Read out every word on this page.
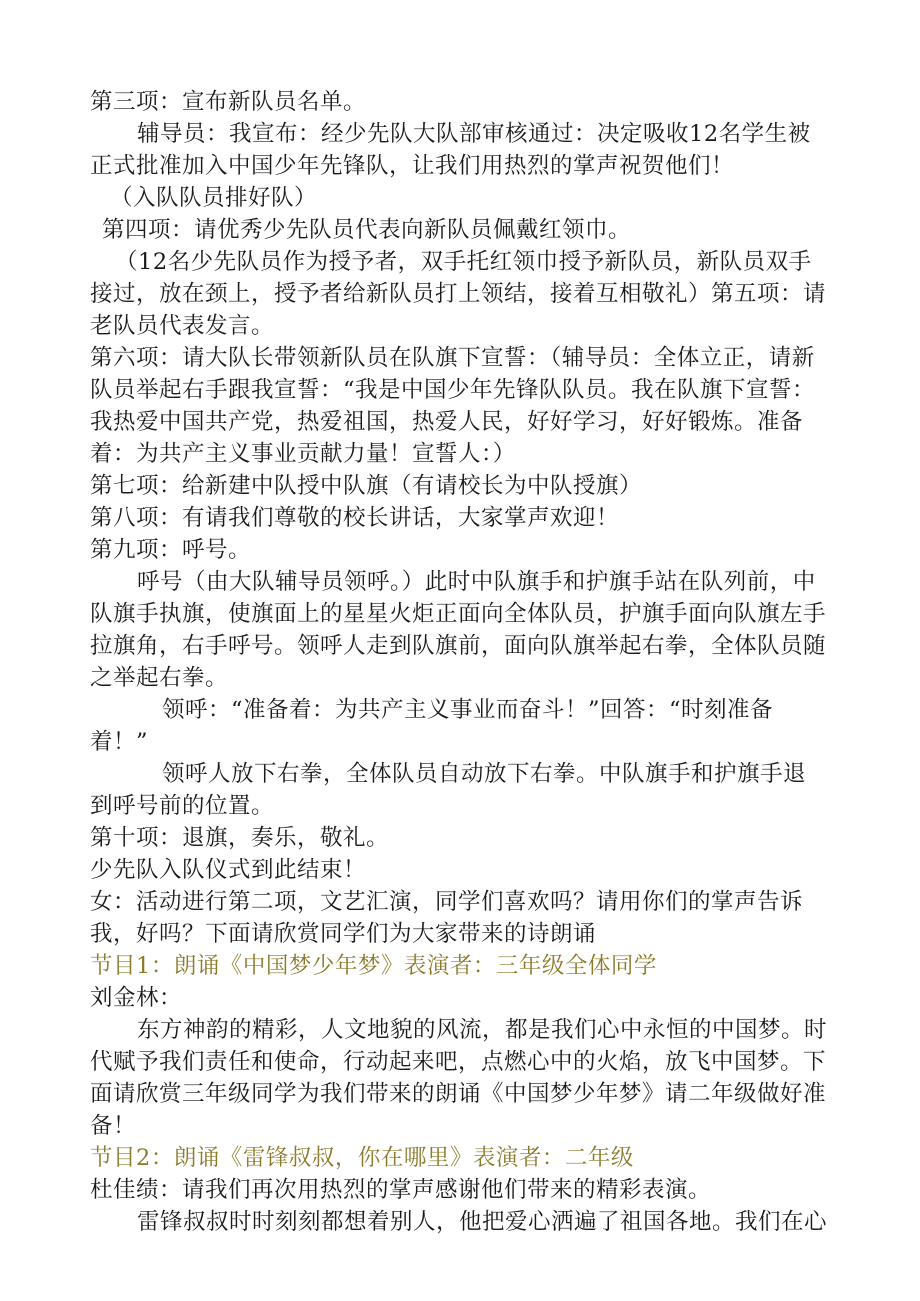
第三项：宣布新队员名单。
辅导员：我宣布：经少先队大队部审核通过：决定吸收12名学生被
正式批准加入中国少年先锋队，让我们用热烈的掌声祝贺他们！
（入队队员排好队）
第四项：请优秀少先队员代表向新队员佩戴红领巾。
（12名少先队员作为授予者，双手托红领巾授予新队员，新队员双手
接过，放在颈上，授予者给新队员打上领结，接着互相敬礼）第五项：请
老队员代表发言。
第六项：请大队长带领新队员在队旗下宣誓：（辅导员：全体立正，请新
队员举起右手跟我宣誓：“我是中国少年先锋队队员。我在队旗下宣誓：
我热爱中国共产党，热爱祖国，热爱人民，好好学习，好好锻炼。准备
着：为共产主义事业贡献力量！宣誓人：）
第七项：给新建中队授中队旗（有请校长为中队授旗）
第八项：有请我们尊敬的校长讲话，大家掌声欢迎！
第九项：呼号。
呼号（由大队辅导员领呼。）此时中队旗手和护旗手站在队列前，中
队旗手执旗，使旗面上的星星火炬正面向全体队员，护旗手面向队旗左手
拉旗角，右手呼号。领呼人走到队旗前，面向队旗举起右拳，全体队员随
之举起右拳。
领呼：“准备着：为共产主义事业而奋斗！”回答：“时刻准备
着！”
领呼人放下右拳，全体队员自动放下右拳。中队旗手和护旗手退
到呼号前的位置。
第十项：退旗，奏乐，敬礼。
少先队入队仪式到此结束！
女：活动进行第二项，文艺汇演，同学们喜欢吗？请用你们的掌声告诉
我，好吗？下面请欣赏同学们为大家带来的诗朗诵
节目1：朗诵《中国梦少年梦》表演者：三年级全体同学
刘金林：
东方神韵的精彩，人文地貌的风流，都是我们心中永恒的中国梦。时
代赋予我们责任和使命，行动起来吧，点燃心中的火焰，放飞中国梦。下
面请欣赏三年级同学为我们带来的朗诵《中国梦少年梦》请二年级做好准
备！
节目2：朗诵《雷锋叔叔，你在哪里》表演者：二年级
杜佳绩：请我们再次用热烈的掌声感谢他们带来的精彩表演。
雷锋叔叔时时刻刻都想着别人，他把爱心洒遍了祖国各地。我们在心
